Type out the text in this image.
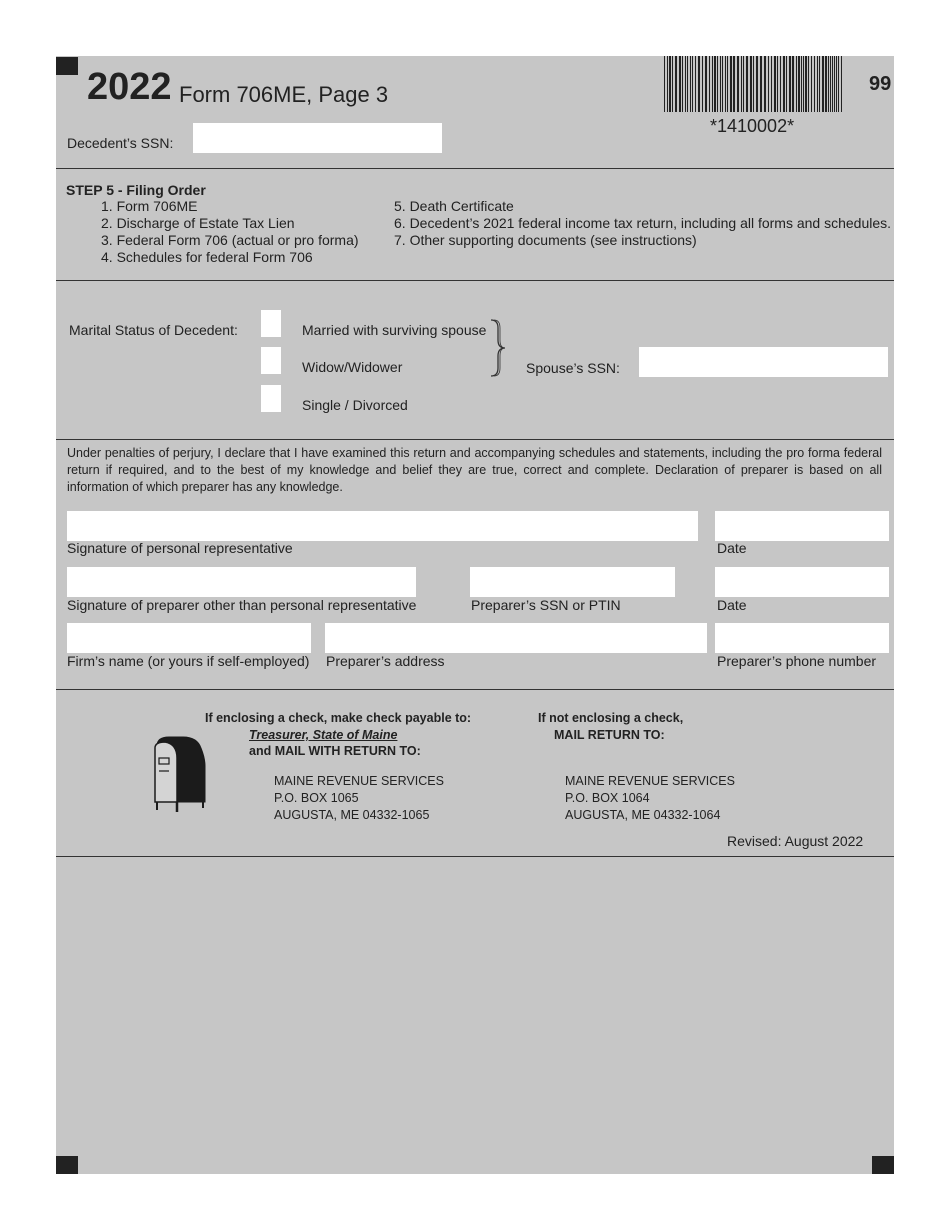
2022 Form 706ME, Page 3	99
*1410002*
Decedent’s SSN:
STEP 5 - Filing Order
1. Form 706ME
2. Discharge of Estate Tax Lien
3. Federal Form 706 (actual or pro forma)
4. Schedules for federal Form 706
5. Death Certificate
6. Decedent’s 2021 federal income tax return, including all forms and schedules.
7. Other supporting documents (see instructions)
Marital Status of Decedent:	Married with surviving spouse
Widow/Widower
Single / Divorced
Spouse’s SSN:
Under penalties of perjury, I declare that I have examined this return and accompanying schedules and statements, including the pro forma federal return if required, and to the best of my knowledge and belief they are true, correct and complete. Declaration of preparer is based on all information of which preparer has any knowledge.
Signature of personal representative	Date
Signature of preparer other than personal representative	Preparer’s SSN or PTIN	Date
Firm’s name (or yours if self-employed) Preparer’s address	Preparer’s phone number
If enclosing a check, make check payable to:
Treasurer, State of Maine
and MAIL WITH RETURN TO:
MAINE REVENUE SERVICES
P.O. BOX 1065
AUGUSTA, ME 04332-1065
If not enclosing a check,
MAIL RETURN TO:
MAINE REVENUE SERVICES
P.O. BOX 1064
AUGUSTA, ME 04332-1064
Revised: August 2022
